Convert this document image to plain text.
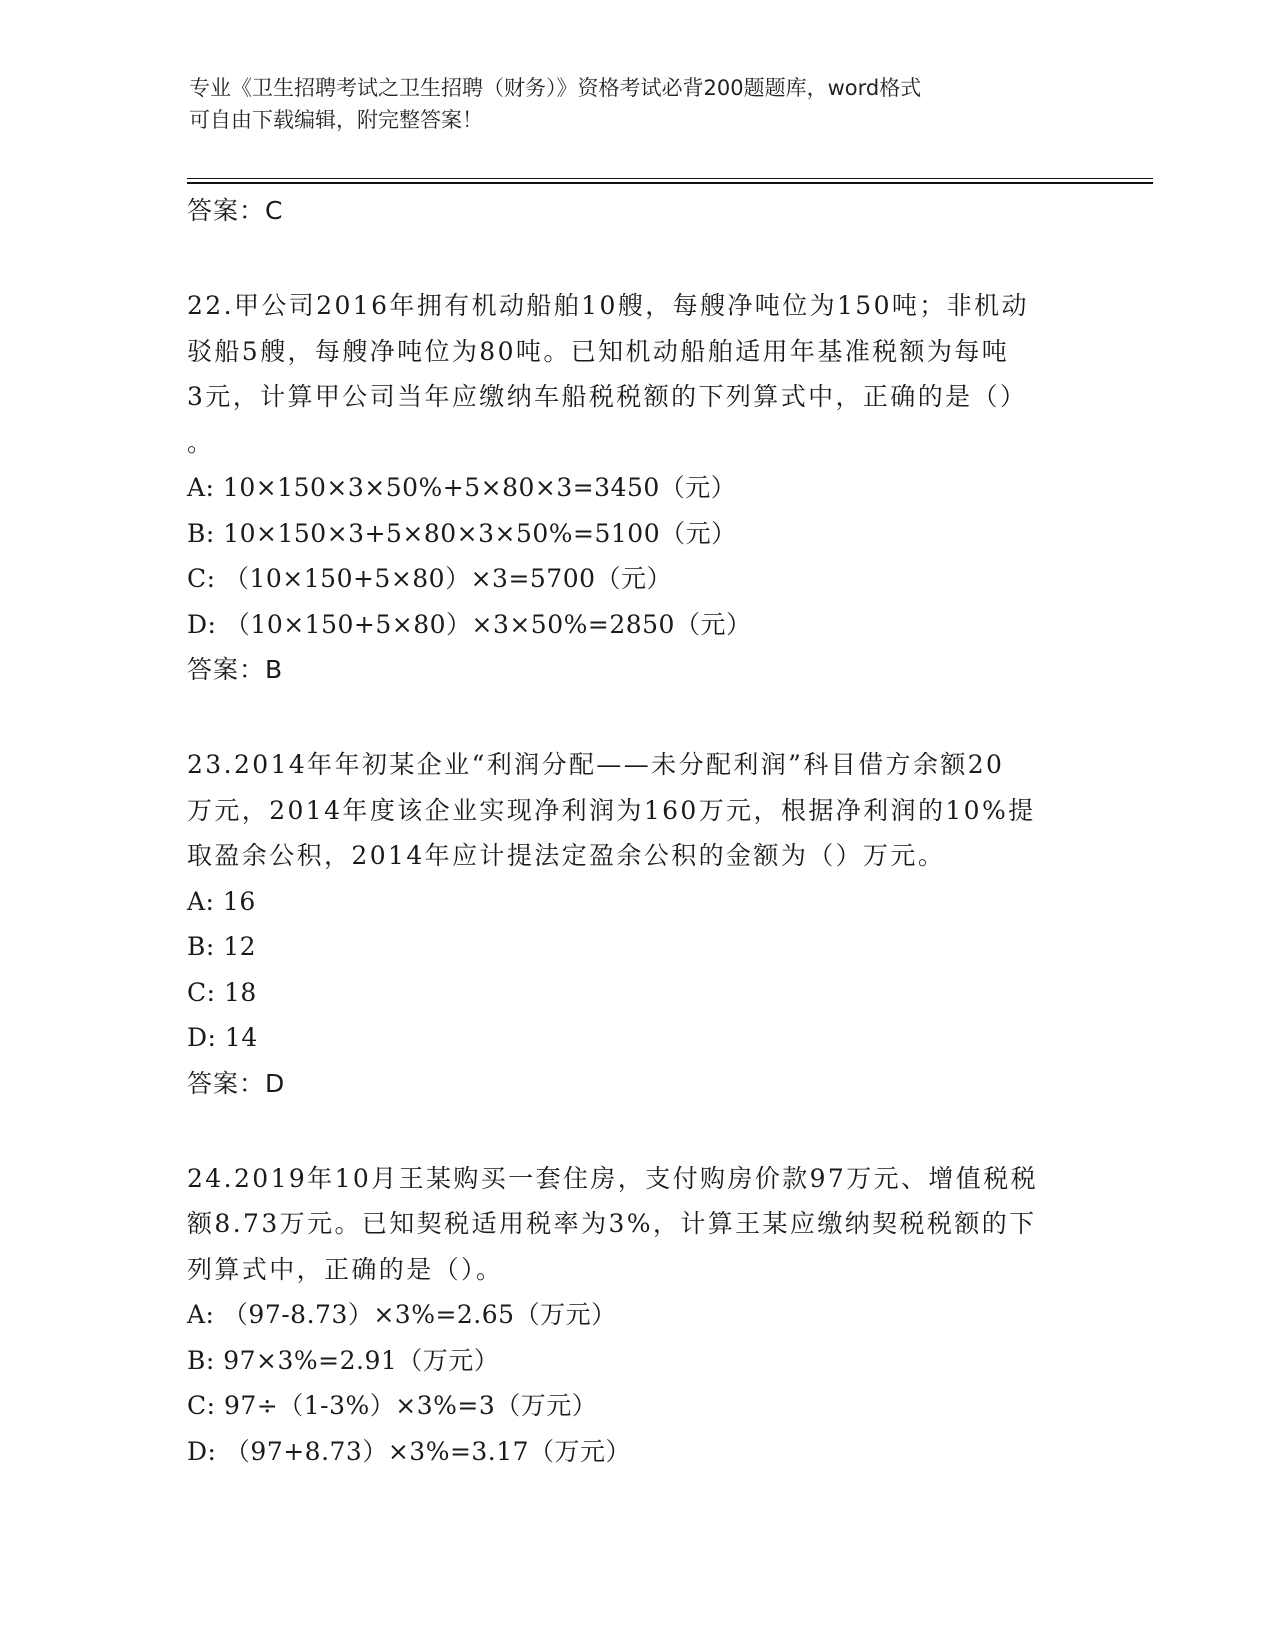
专业《卫生招聘考试之卫生招聘（财务）》资格考试必背200题题库，word格式
可自由下载编辑，附完整答案！
答案：C
22.甲公司2016年拥有机动船舶10艘，每艘净吨位为150吨；非机动
驳船5艘，每艘净吨位为80吨。已知机动船舶适用年基准税额为每吨
3元，计算甲公司当年应缴纳车船税税额的下列算式中，正确的是（）
。
A: 10×150×3×50%+5×80×3=3450（元）
B: 10×150×3+5×80×3×50%=5100（元）
C: （10×150+5×80）×3=5700（元）
D: （10×150+5×80）×3×50%=2850（元）
答案：B
23.2014年年初某企业“利润分配——未分配利润”科目借方余额20
万元，2014年度该企业实现净利润为160万元，根据净利润的10%提
取盈余公积，2014年应计提法定盈余公积的金额为（）万元。
A: 16
B: 12
C: 18
D: 14
答案：D
24.2019年10月王某购买一套住房，支付购房价款97万元、增值税税
额8.73万元。已知契税适用税率为3%，计算王某应缴纳契税税额的下
列算式中，正确的是（）。
A: （97-8.73）×3%=2.65（万元）
B: 97×3%=2.91（万元）
C: 97÷（1-3%）×3%=3（万元）
D: （97+8.73）×3%=3.17（万元）
